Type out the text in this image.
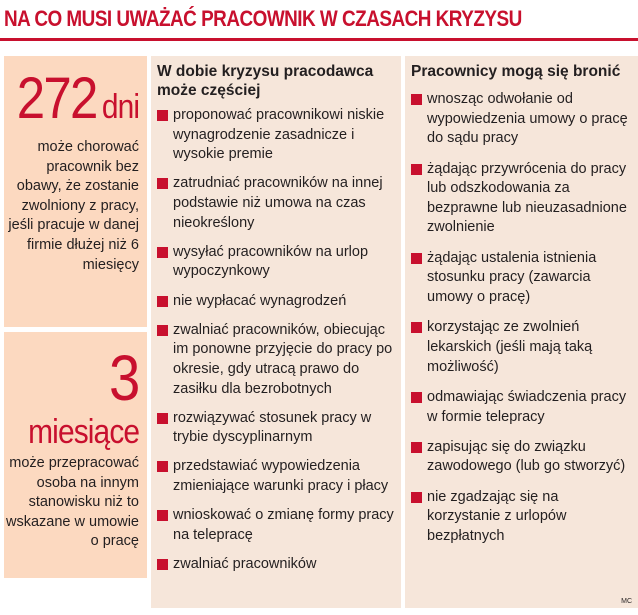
NA CO MUSI UWAŻAĆ PRACOWNIK W CZASACH KRYZYSU
272 dni
może chorować pracownik bez obawy, że zostanie zwolniony z pracy, jeśli pracuje w danej firmie dłużej niż 6 miesięcy
3
miesiące
może przepracować osoba na innym stanowisku niż to wskazane w umowie o pracę
W dobie kryzysu pracodawca może częściej
proponować pracownikowi niskie wynagrodzenie zasadnicze i wysokie premie
zatrudniać pracowników na innej podstawie niż umowa na czas nieokreślony
wysyłać pracowników na urlop wypoczynkowy
nie wypłacać wynagrodzeń
zwalniać pracowników, obiecując im ponowne przyjęcie do pracy po okresie, gdy utracą prawo do zasiłku dla bezrobotnych
rozwiązywać stosunek pracy w trybie dyscyplinarnym
przedstawiać wypowiedzenia zmieniające warunki pracy i płacy
wnioskować o zmianę formy pracy na telepracę
zwalniać pracowników
Pracownicy mogą się bronić
wnosząc odwołanie od wypowiedzenia umowy o pracę do sądu pracy
żądając przywrócenia do pracy lub odszkodowania za bezprawne lub nieuzasadnione zwolnienie
żądając ustalenia istnienia stosunku pracy (zawarcia umowy o pracę)
korzystając ze zwolnień lekarskich (jeśli mają taką możliwość)
odmawiając świadczenia pracy w formie telepracy
zapisując się do związku zawodowego (lub go stworzyć)
nie zgadzając się na korzystanie z urlopów bezpłatnych
MC
